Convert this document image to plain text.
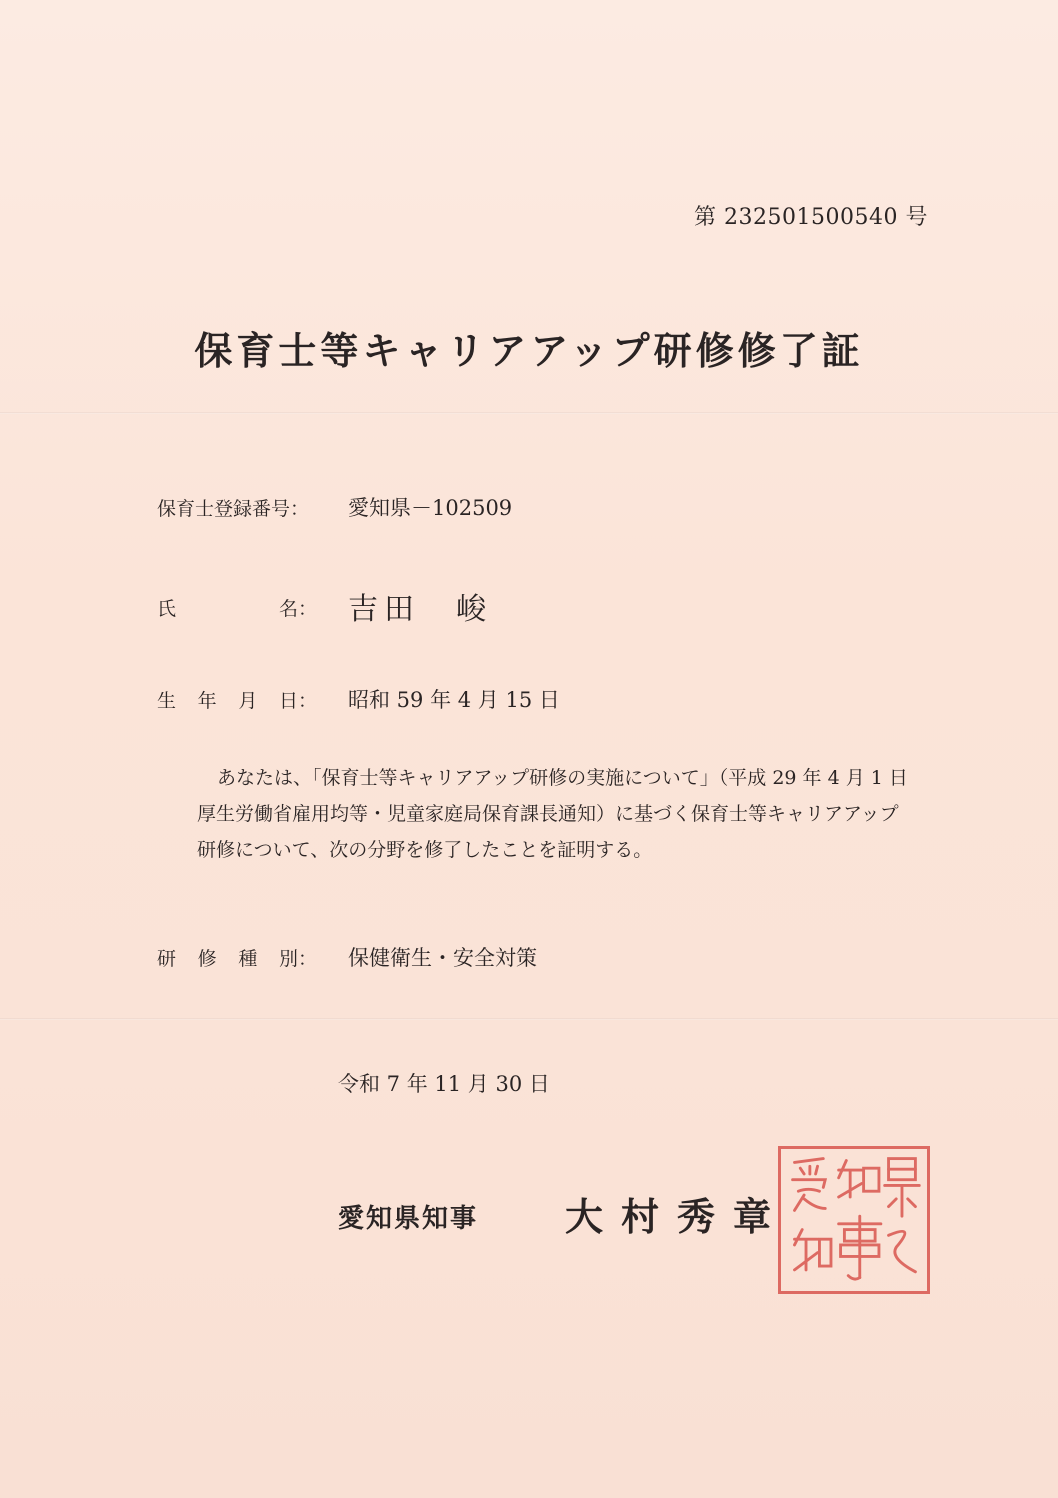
第 232501500540 号
保育士等キャリアアップ研修修了証
保育士登録番号： 愛知県－102509
氏	名： 吉田　峻
生 年 月 日： 昭和 59 年 4 月 15 日
あなたは、「保育士等キャリアアップ研修の実施について」（平成 29 年 4 月 1 日
厚生労働省雇用均等・児童家庭局保育課長通知）に基づく保育士等キャリアアップ
研修について、次の分野を修了したことを証明する。
研 修 種 別： 保健衛生・安全対策
令和 7 年 11 月 30 日
愛知県知事 大村秀章
